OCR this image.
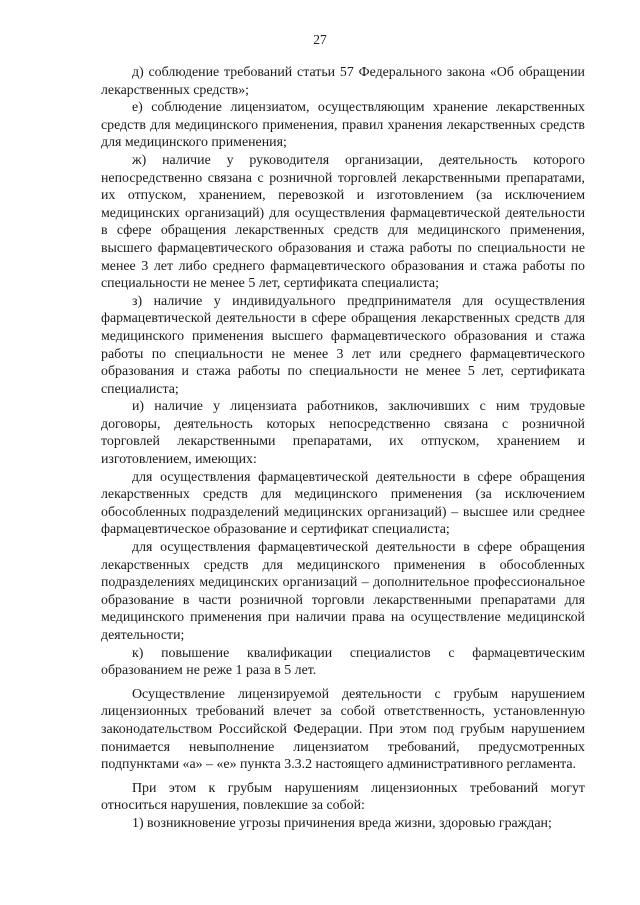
27

д) соблюдение требований статьи 57 Федерального закона «Об обращении лекарственных средств»;

е) соблюдение лицензиатом, осуществляющим хранение лекарственных средств для медицинского применения, правил хранения лекарственных средств для медицинского применения;

ж) наличие у руководителя организации, деятельность которого непосредственно связана с розничной торговлей лекарственными препаратами, их отпуском, хранением, перевозкой и изготовлением (за исключением медицинских организаций) для осуществления фармацевтической деятельности в сфере обращения лекарственных средств для медицинского применения, высшего фармацевтического образования и стажа работы по специальности не менее 3 лет либо среднего фармацевтического образования и стажа работы по специальности не менее 5 лет, сертификата специалиста;

з) наличие у индивидуального предпринимателя для осуществления фармацевтической деятельности в сфере обращения лекарственных средств для медицинского применения высшего фармацевтического образования и стажа работы по специальности не менее 3 лет или среднего фармацевтического образования и стажа работы по специальности не менее 5 лет, сертификата специалиста;

и) наличие у лицензиата работников, заключивших с ним трудовые договоры, деятельность которых непосредственно связана с розничной торговлей лекарственными препаратами, их отпуском, хранением и изготовлением, имеющих:

для осуществления фармацевтической деятельности в сфере обращения лекарственных средств для медицинского применения (за исключением обособленных подразделений медицинских организаций) – высшее или среднее фармацевтическое образование и сертификат специалиста;

для осуществления фармацевтической деятельности в сфере обращения лекарственных средств для медицинского применения в обособленных подразделениях медицинских организаций – дополнительное профессиональное образование в части розничной торговли лекарственными препаратами для медицинского применения при наличии права на осуществление медицинской деятельности;

к) повышение квалификации специалистов с фармацевтическим образованием не реже 1 раза в 5 лет.

Осуществление лицензируемой деятельности с грубым нарушением лицензионных требований влечет за собой ответственность, установленную законодательством Российской Федерации. При этом под грубым нарушением понимается невыполнение лицензиатом требований, предусмотренных подпунктами «а» – «е» пункта 3.3.2 настоящего административного регламента.

При этом к грубым нарушениям лицензионных требований могут относиться нарушения, повлекшие за собой:

1) возникновение угрозы причинения вреда жизни, здоровью граждан;
